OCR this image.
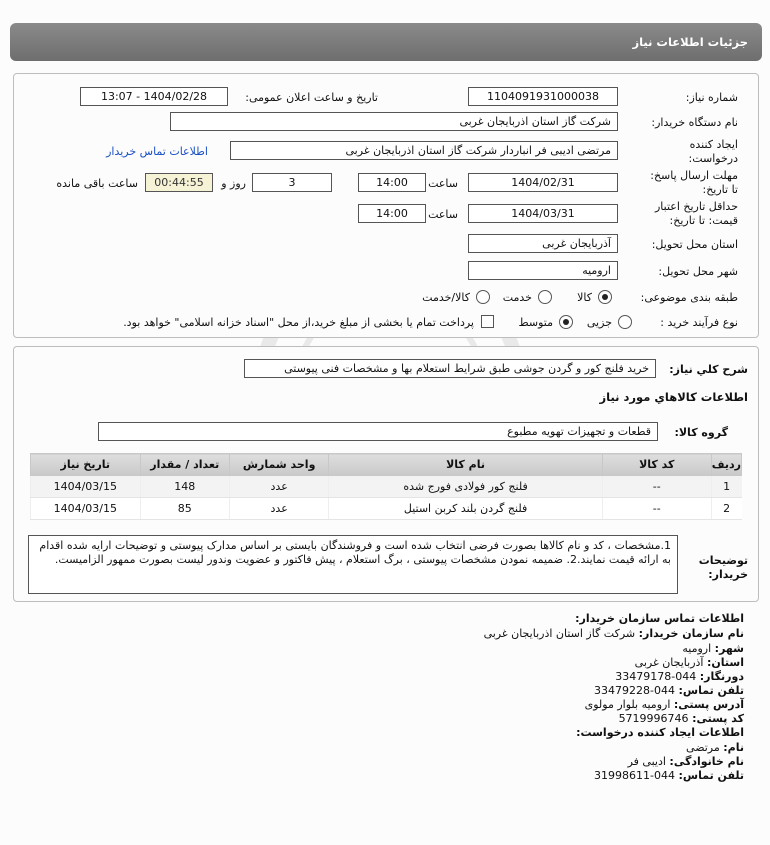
جزئیات اطلاعات نیاز
شماره نیاز:
1104091931000038
تاریخ و ساعت اعلان عمومی:
1404/02/28 - 13:07
نام دستگاه خریدار:
شرکت گاز استان اذربایجان غربی
ایجاد کننده
درخواست:
مرتضی ادیبی فر انباردار شرکت گاز استان اذربایجان غربی
اطلاعات تماس خریدار
مهلت ارسال پاسخ:
تا تاریخ:
1404/02/31
ساعت
14:00
3
روز و
00:44:55
ساعت باقی مانده
حداقل تاریخ اعتبار
قیمت: تا تاریخ:
1404/03/31
ساعت
14:00
استان محل تحویل:
آذربایجان غربی
شهر محل تحویل:
ارومیه
طبقه بندی موضوعی:
کالا
خدمت
کالا/خدمت
نوع فرآیند خرید :
جزیی
متوسط
پرداخت تمام یا بخشی از مبلغ خرید،از محل "اسناد خزانه اسلامی" خواهد بود.
شرح کلي نياز:
خرید فلنج کور و گردن جوشی طبق شرایط استعلام بها و مشخصات فنی پیوستی
اطلاعات کالاهاي مورد نياز
گروه کالا:
قطعات و تجهیزات تهویه مطبوع
ردیف	کد کالا	نام کالا	واحد شمارش	تعداد / مقدار	تاریخ نیاز
1	--	فلنج کور فولادی فورج شده	عدد	148	1404/03/15
2	--	فلنج گردن بلند کربن استیل	عدد	85	1404/03/15
توضیحات
خریدار:
1.مشخصات ، کد و نام کالاها بصورت فرضی انتخاب شده است و فروشندگان بایستی بر اساس مدارک پیوستی و توضیحات ارایه شده اقدام به ارائه قیمت نمایند.2. ضمیمه نمودن مشخصات پیوستی ، برگ استعلام ، پیش فاکتور و عضویت وندور لیست بصورت ممهور الزامیست.
اطلاعات تماس سازمان خریدار:
نام سازمان خریدار: شرکت گاز استان اذربایجان غربی
شهر: ارومیه
استان: آذربایجان غربی
دورنگار: 044-33479178
تلفن تماس: 044-33479228
آدرس پستی: ارومیه بلوار مولوی
کد پستی: 5719996746
اطلاعات ایجاد کننده درخواست:
نام: مرتضی
نام خانوادگی: ادیبی فر
تلفن تماس: 044-31998611
